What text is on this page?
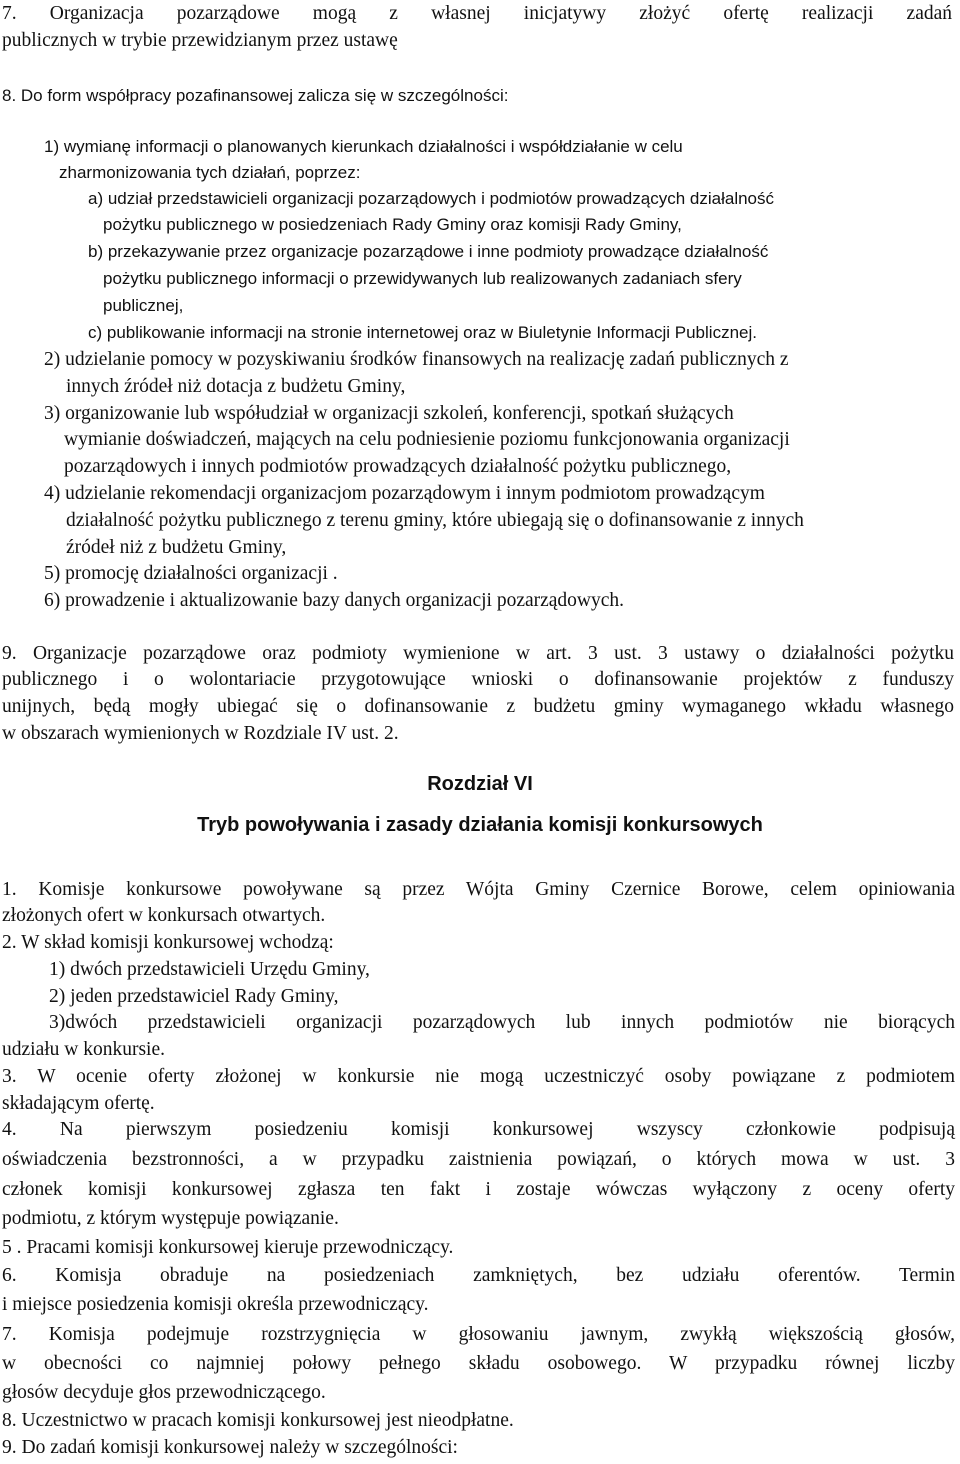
7. Organizacja pozarządowe mogą z własnej inicjatywy złożyć ofertę realizacji zadań
publicznych w trybie przewidzianym przez ustawę
8. Do form współpracy pozafinansowej zalicza się w szczególności:
1) wymianę informacji o planowanych kierunkach działalności i współdziałanie w celu
zharmonizowania tych działań, poprzez:
a) udział przedstawicieli organizacji pozarządowych i podmiotów prowadzących działalność
pożytku publicznego w posiedzeniach Rady Gminy oraz komisji Rady Gminy,
b) przekazywanie przez organizacje pozarządowe i inne podmioty prowadzące działalność
pożytku publicznego informacji o przewidywanych lub realizowanych zadaniach sfery
publicznej,
c) publikowanie informacji na stronie internetowej oraz w Biuletynie Informacji Publicznej.
2) udzielanie pomocy w pozyskiwaniu środków finansowych na realizację zadań publicznych z
innych źródeł niż dotacja z budżetu Gminy,
3) organizowanie lub współudział w organizacji szkoleń, konferencji, spotkań służących
wymianie doświadczeń, mających na celu podniesienie poziomu funkcjonowania organizacji
pozarządowych i innych podmiotów prowadzących działalność pożytku publicznego,
4) udzielanie rekomendacji organizacjom pozarządowym i innym podmiotom prowadzącym
działalność pożytku publicznego z terenu gminy, które ubiegają się o dofinansowanie z innych
źródeł niż z budżetu Gminy,
5) promocję działalności organizacji .
6) prowadzenie i aktualizowanie bazy danych organizacji pozarządowych.
9. Organizacje pozarządowe oraz podmioty wymienione w art. 3 ust. 3 ustawy o działalności pożytku
publicznego i o wolontariacie przygotowujące wnioski o dofinansowanie projektów z funduszy
unijnych, będą mogły ubiegać się o dofinansowanie z budżetu gminy wymaganego wkładu własnego
w obszarach wymienionych w Rozdziale IV ust. 2.
Rozdział VI
Tryb powoływania i zasady działania komisji konkursowych
1. Komisje konkursowe powoływane są przez Wójta Gminy Czernice Borowe, celem opiniowania
złożonych ofert w konkursach otwartych.
2. W skład komisji konkursowej wchodzą:
1) dwóch przedstawicieli Urzędu Gminy,
2) jeden przedstawiciel Rady Gminy,
3)dwóch przedstawicieli organizacji pozarządowych lub innych podmiotów nie biorących
udziału w konkursie.
3. W ocenie oferty złożonej w konkursie nie mogą uczestniczyć osoby powiązane z podmiotem
składającym ofertę.
4. Na pierwszym posiedzeniu komisji konkursowej wszyscy członkowie podpisują
oświadczenia bezstronności, a w przypadku zaistnienia powiązań, o których mowa w ust. 3
członek komisji konkursowej zgłasza ten fakt i zostaje wówczas wyłączony z oceny oferty
podmiotu, z którym występuje powiązanie.
5 . Pracami komisji konkursowej kieruje przewodniczący.
6. Komisja obraduje na posiedzeniach zamkniętych, bez udziału oferentów. Termin
i miejsce posiedzenia komisji określa przewodniczący.
7. Komisja podejmuje rozstrzygnięcia w głosowaniu jawnym, zwykłą większością głosów,
w obecności co najmniej połowy pełnego składu osobowego. W przypadku równej liczby
głosów decyduje głos przewodniczącego.
8. Uczestnictwo w pracach komisji konkursowej jest nieodpłatne.
9. Do zadań komisji konkursowej należy w szczególności:
